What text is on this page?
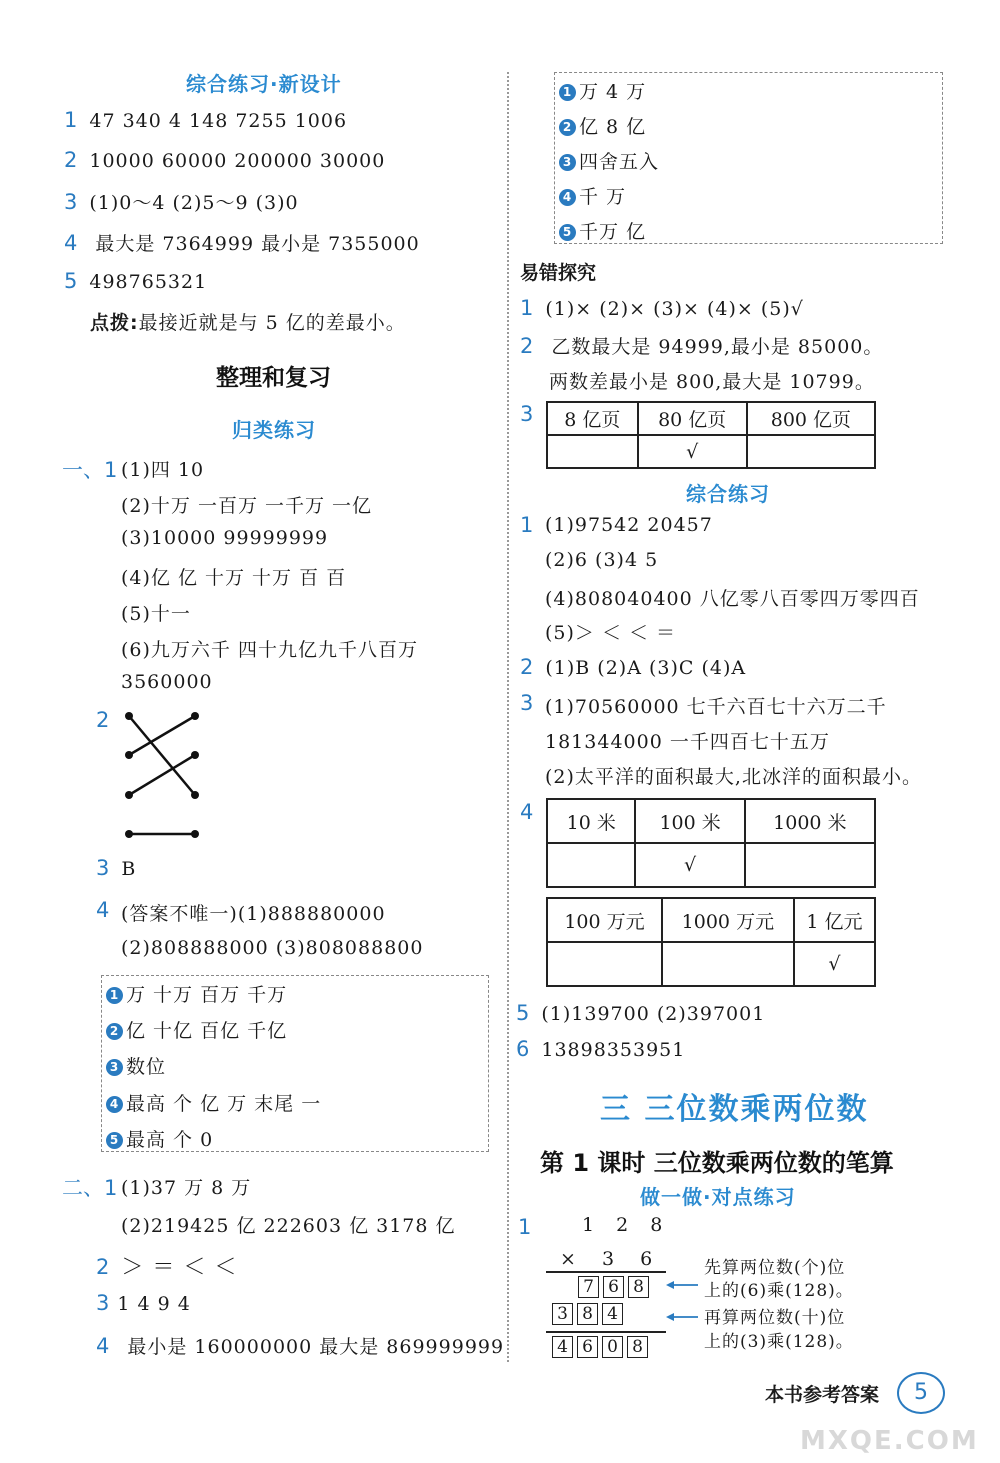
综合练习·新设计
1 47 340 4 148 7255 1006
2 10000 60000 200000 30000
3 (1)0～4 (2)5～9 (3)0
4 最大是 7364999 最小是 7355000
5 498765321
点拨:最接近就是与 5 亿的差最小。
整理和复习
归类练习
一、1 (1)四 10
(2)十万 一百万 一千万 一亿
(3)10000 99999999
(4)亿 亿 十万 十万 百 百
(5)十一
(6)九万六千 四十九亿九千八百万
3560000
2
3 B
4 (答案不唯一)(1)888880000
(2)808888000 (3)808088800
1 万 十万 百万 千万
2 亿 十亿 百亿 千亿
3 数位
4 最高 个 亿 万 末尾 一
5 最高 个 0
二、1 (1)37 万 8 万
(2)219425 亿 222603 亿 3178 亿
2 ＞ ＝ ＜ ＜
3 1 4 9 4
4 最小是 160000000 最大是 869999999
1 万 4 万
2 亿 8 亿
3 四舍五入
4 千 万
5 千万 亿
易错探究
1 (1)× (2)× (3)× (4)× (5)√
2 乙数最大是 94999,最小是 85000。
两数差最小是 800,最大是 10799。
3 8 亿页	80 亿页	800 亿页
	√	
综合练习
1 (1)97542 20457
(2)6 (3)4 5
(4)808040400 八亿零八百零四万零四百
(5)＞ ＜ ＜ ＝
2 (1)B (2)A (3)C (4)A
3 (1)70560000 七千六百七十六万二千
181344000 一千四百七十五万
(2)太平洋的面积最大,北冰洋的面积最小。
4 10 米	100 米	1000 米
	√	
100 万元	1000 万元	1 亿元
		√
5 (1)139700 (2)397001
6 13898353951
三 三位数乘两位数
第 1 课时 三位数乘两位数的笔算
做一做·对点练习
1	1 2 8
× 3 6
7 6 8
3 8 4
4 6 0 8
先算两位数(个)位
上的(6)乘(128)。
再算两位数(十)位
上的(3)乘(128)。
本书参考答案	5
MXQE.COM
